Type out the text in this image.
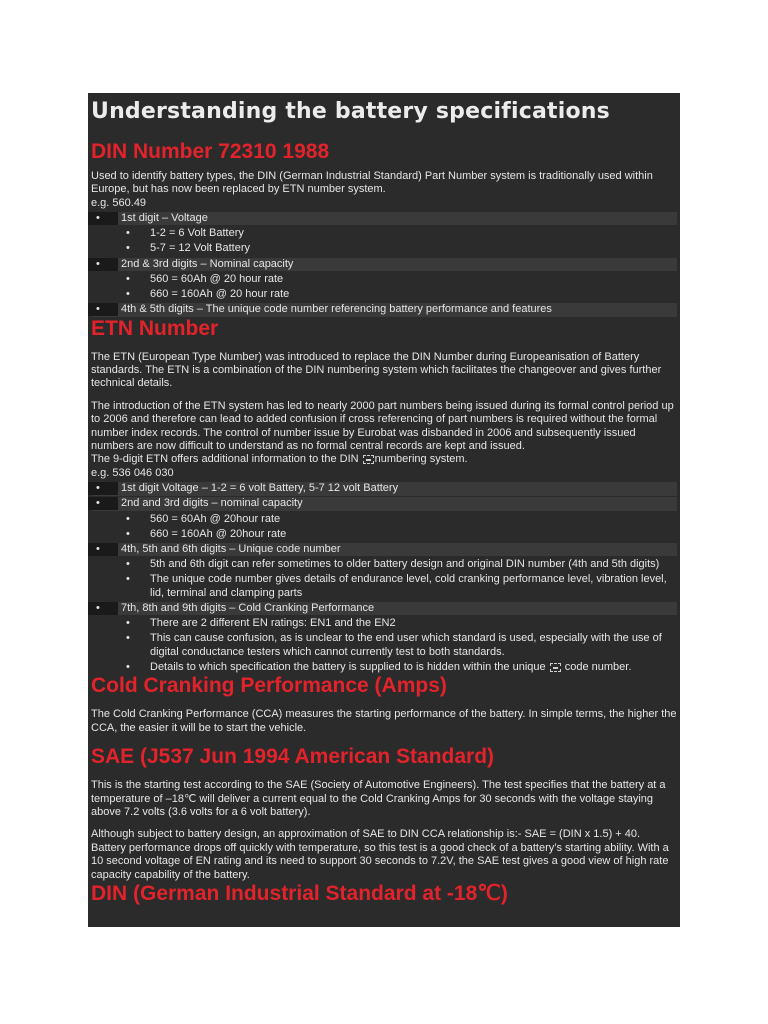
Understanding the battery specifications
DIN Number 72310 1988

Used to identify battery types, the DIN (German Industrial Standard) Part Number system is traditionally used within Europe, but has now been replaced by ETN number system.

e.g. 560.49

• 1st digit – Voltage
• 1-2 = 6 Volt Battery
• 5-7 = 12 Volt Battery
• 2nd & 3rd digits – Nominal capacity
• 560 = 60Ah @ 20 hour rate
• 660 = 160Ah @ 20 hour rate
• 4th & 5th digits – The unique code number referencing battery performance and features
ETN Number

The ETN (European Type Number) was introduced to replace the DIN Number during Europeanisation of Battery standards. The ETN is a combination of the DIN numbering system which facilitates the changeover and gives further technical details.

The introduction of the ETN system has led to nearly 2000 part numbers being issued during its formal control period up to 2006 and therefore can lead to added confusion if cross referencing of part numbers is required without the formal number index records. The control of number issue by Eurobat was disbanded in 2006 and subsequently issued numbers are now difficult to understand as no formal central records are kept and issued.

The 9-digit ETN offers additional information to the DIN numbering system.

e.g. 536 046 030

• 1st digit Voltage – 1-2 = 6 volt Battery, 5-7 12 volt Battery
• 2nd and 3rd digits – nominal capacity
• 560 = 60Ah @ 20hour rate
• 660 = 160Ah @ 20hour rate
• 4th, 5th and 6th digits – Unique code number
• 5th and 6th digit can refer sometimes to older battery design and original DIN number (4th and 5th digits)
• The unique code number gives details of endurance level, cold cranking performance level, vibration level, lid, terminal and clamping parts
• 7th, 8th and 9th digits – Cold Cranking Performance
• There are 2 different EN ratings: EN1 and the EN2
• This can cause confusion, as is unclear to the end user which standard is used, especially with the use of digital conductance testers which cannot currently test to both standards.
• Details to which specification the battery is supplied to is hidden within the unique  code number.
Cold Cranking Performance (Amps)

The Cold Cranking Performance (CCA) measures the starting performance of the battery. In simple terms, the higher the CCA, the easier it will be to start the vehicle.

SAE (J537 Jun 1994 American Standard)

This is the starting test according to the SAE (Society of Automotive Engineers). The test specifies that the battery at a temperature of –18℃ will deliver a current equal to the Cold Cranking Amps for 30 seconds with the voltage staying above 7.2 volts (3.6 volts for a 6 volt battery).

Although subject to battery design, an approximation of SAE to DIN CCA relationship is:- SAE = (DIN x 1.5) + 40. Battery performance drops off quickly with temperature, so this test is a good check of a battery’s starting ability. With a 10 second voltage of EN rating and its need to support 30 seconds to 7.2V, the SAE test gives a good view of high rate capacity capability of the battery.

DIN (German Industrial Standard at -18℃)
